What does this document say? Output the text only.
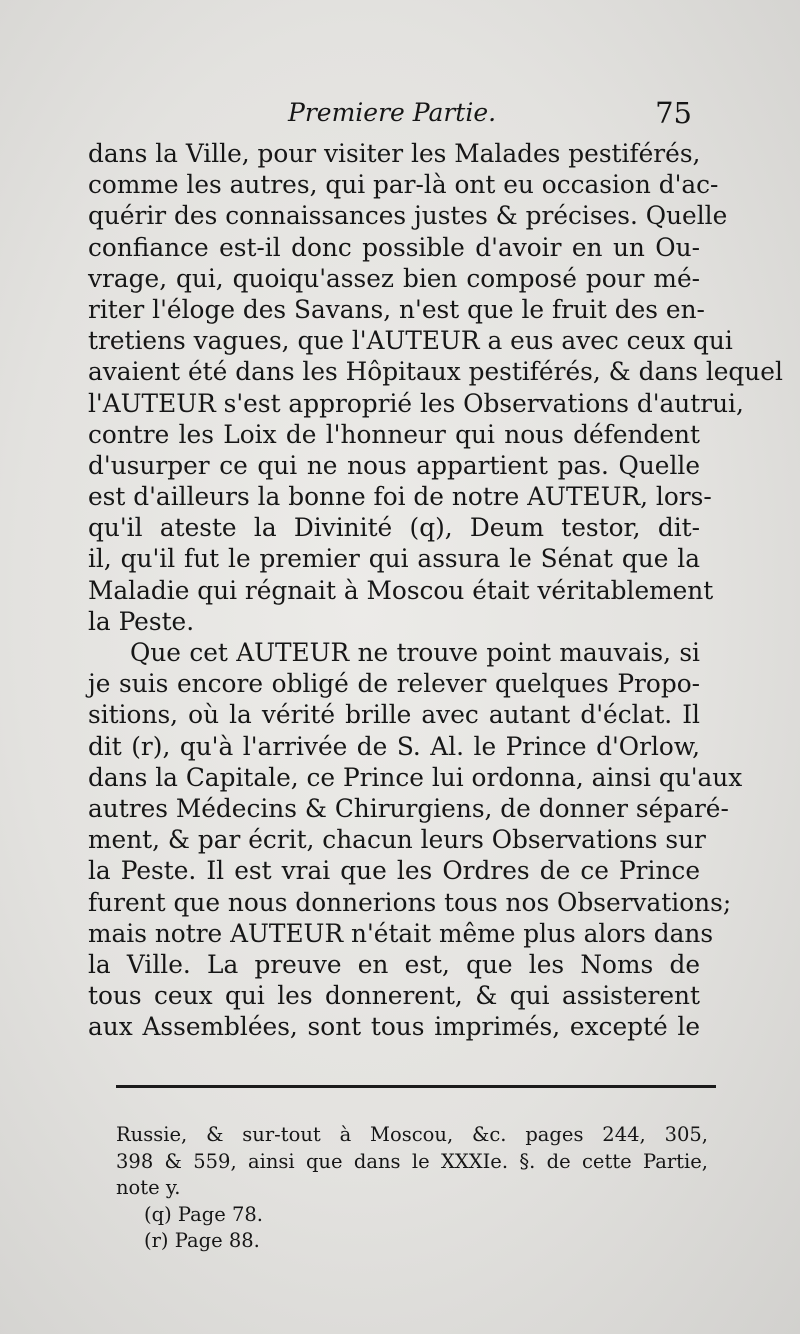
Premiere Partie.	75
dans la Ville, pour visiter les Malades pestiférés,
comme les autres, qui par-là ont eu occasion d'ac-
quérir des connaissances justes & précises. Quelle
confiance est-il donc possible d'avoir en un Ou-
vrage, qui, quoiqu'assez bien composé pour mé-
riter l'éloge des Savans, n'est que le fruit des en-
tretiens vagues, que l'AUTEUR a eus avec ceux qui
avaient été dans les Hôpitaux pestiférés, & dans lequel
l'AUTEUR s'est approprié les Observations d'autrui,
contre les Loix de l'honneur qui nous défendent
d'usurper ce qui ne nous appartient pas. Quelle
est d'ailleurs la bonne foi de notre AUTEUR, lors-
qu'il ateste la Divinité (q), Deum testor, dit-
il, qu'il fut le premier qui assura le Sénat que la
Maladie qui régnait à Moscou était véritablement
la Peste.
Que cet AUTEUR ne trouve point mauvais, si
je suis encore obligé de relever quelques Propo-
sitions, où la vérité brille avec autant d'éclat. Il
dit (r), qu'à l'arrivée de S. Al. le Prince d'Orlow,
dans la Capitale, ce Prince lui ordonna, ainsi qu'aux
autres Médecins & Chirurgiens, de donner séparé-
ment, & par écrit, chacun leurs Observations sur
la Peste. Il est vrai que les Ordres de ce Prince
furent que nous donnerions tous nos Observations;
mais notre AUTEUR n'était même plus alors dans
la Ville. La preuve en est, que les Noms de
tous ceux qui les donnerent, & qui assisterent
aux Assemblées, sont tous imprimés, excepté le
Russie, & sur-tout à Moscou, &c. pages 244, 305,
398 & 559, ainsi que dans le XXXIe. §. de cette Partie,
note y.
(q) Page 78.
(r) Page 88.
